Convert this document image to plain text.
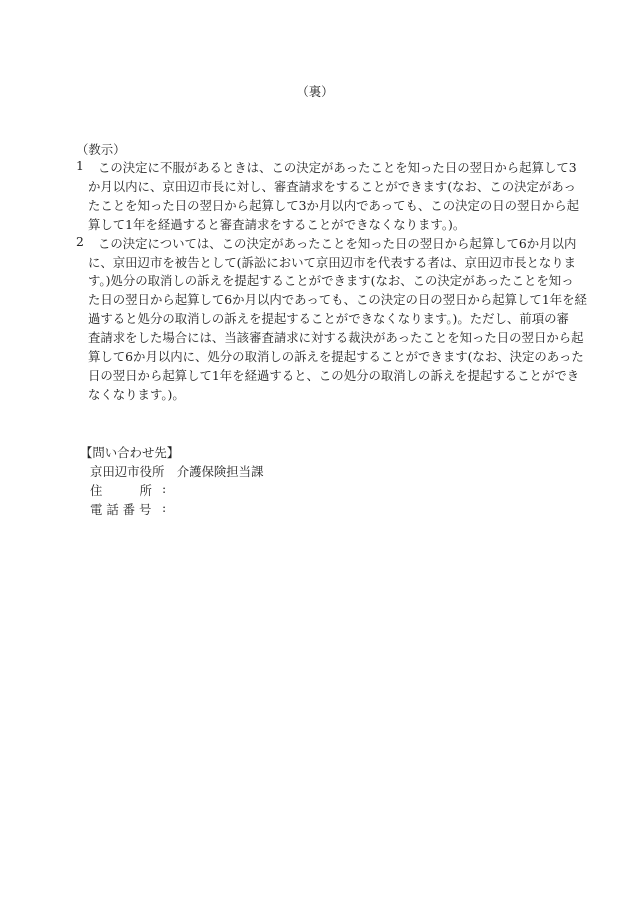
（裏）
（教示）
1 この決定に不服があるときは、この決定があったことを知った日の翌日から起算して3
か月以内に、京田辺市長に対し、審査請求をすることができます(なお、この決定があっ
たことを知った日の翌日から起算して3か月以内であっても、この決定の日の翌日から起
算して1年を経過すると審査請求をすることができなくなります。)。
2 この決定については、この決定があったことを知った日の翌日から起算して6か月以内
に、京田辺市を被告として(訴訟において京田辺市を代表する者は、京田辺市長となりま
す。)処分の取消しの訴えを提起することができます(なお、この決定があったことを知っ
た日の翌日から起算して6か月以内であっても、この決定の日の翌日から起算して1年を経
過すると処分の取消しの訴えを提起することができなくなります。)。ただし、前項の審
査請求をした場合には、当該審査請求に対する裁決があったことを知った日の翌日から起
算して6か月以内に、処分の取消しの訴えを提起することができます(なお、決定のあった
日の翌日から起算して1年を経過すると、この処分の取消しの訴えを提起することができ
なくなります。)。
【問い合わせ先】
京田辺市役所　介護保険担当課
住　　　所 :
電 話 番 号 :
